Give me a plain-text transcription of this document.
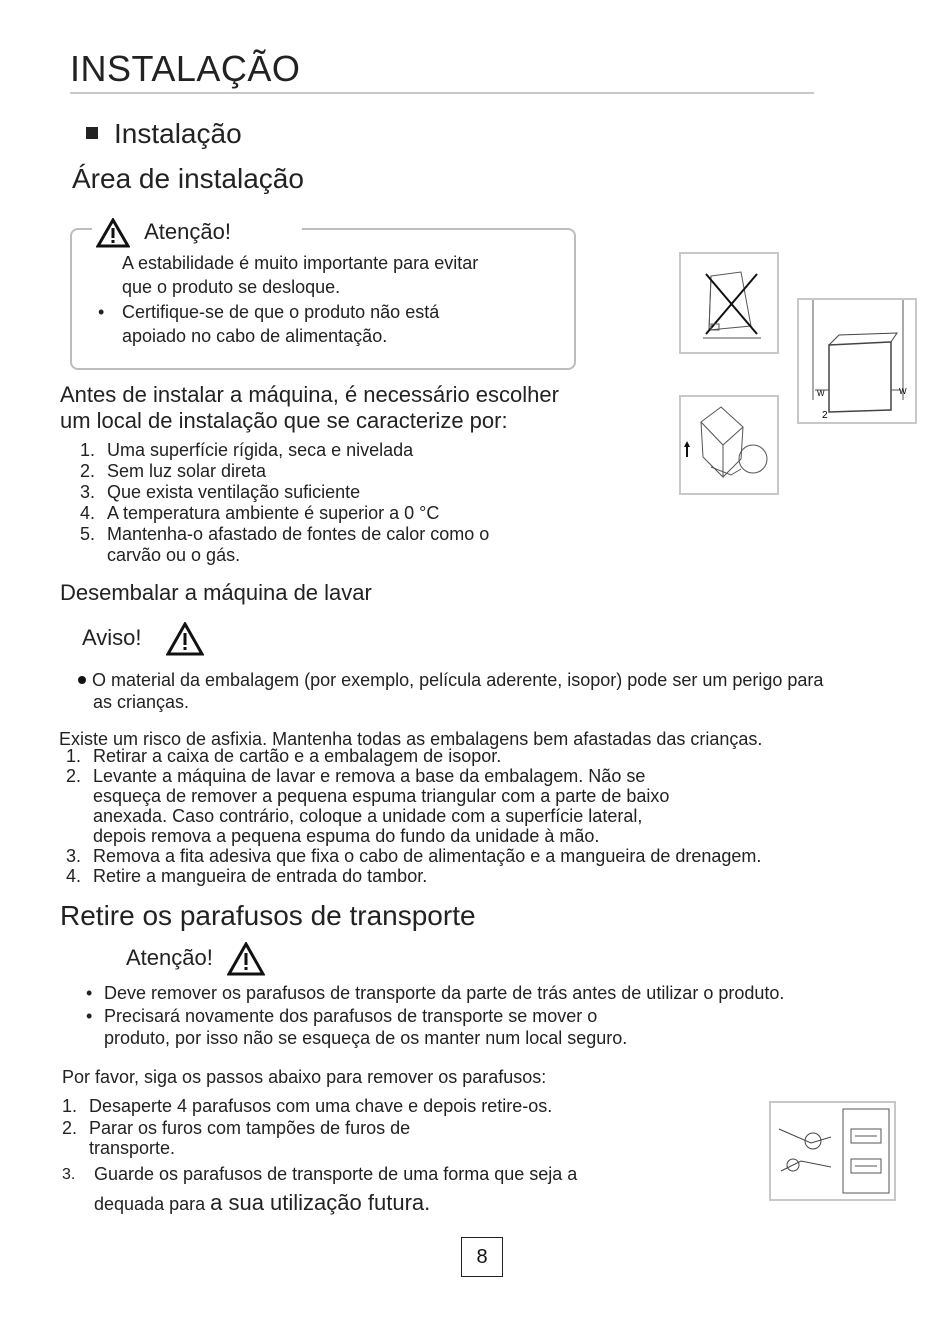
INSTALAÇÃO
Instalação
Área de instalação
Atenção!
A estabilidade é muito importante para evitar
que o produto se desloque.
• Certifique-se de que o produto não está
apoiado no cabo de alimentação.
Antes de instalar a máquina, é necessário escolher
um local de instalação que se caracterize por:
1. Uma superfície rígida, seca e nivelada
2. Sem luz solar direta
3. Que exista ventilação suficiente
4. A temperatura ambiente é superior a 0 °C
5. Mantenha-o afastado de fontes de calor como o
carvão ou o gás.
W	W
2
Desembalar a máquina de lavar
Aviso!
O material da embalagem (por exemplo, película aderente, isopor) pode ser um perigo para
as crianças.
Existe um risco de asfixia. Mantenha todas as embalagens bem afastadas das crianças.
1. Retirar a caixa de cartão e a embalagem de isopor.
2. Levante a máquina de lavar e remova a base da embalagem. Não se
esqueça de remover a pequena espuma triangular com a parte de baixo
anexada. Caso contrário, coloque a unidade com a superfície lateral,
depois remova a pequena espuma do fundo da unidade à mão.
3. Remova a fita adesiva que fixa o cabo de alimentação e a mangueira de drenagem.
4. Retire a mangueira de entrada do tambor.
Retire os parafusos de transporte
Atenção!
• Deve remover os parafusos de transporte da parte de trás antes de utilizar o produto.
• Precisará novamente dos parafusos de transporte se mover o
produto, por isso não se esqueça de os manter num local seguro.
Por favor, siga os passos abaixo para remover os parafusos:
1. Desaperte 4 parafusos com uma chave e depois retire-os.
2. Parar os furos com tampões de furos de
transporte.
3. Guarde os parafusos de transporte de uma forma que seja a
dequada para a sua utilização futura.
8
